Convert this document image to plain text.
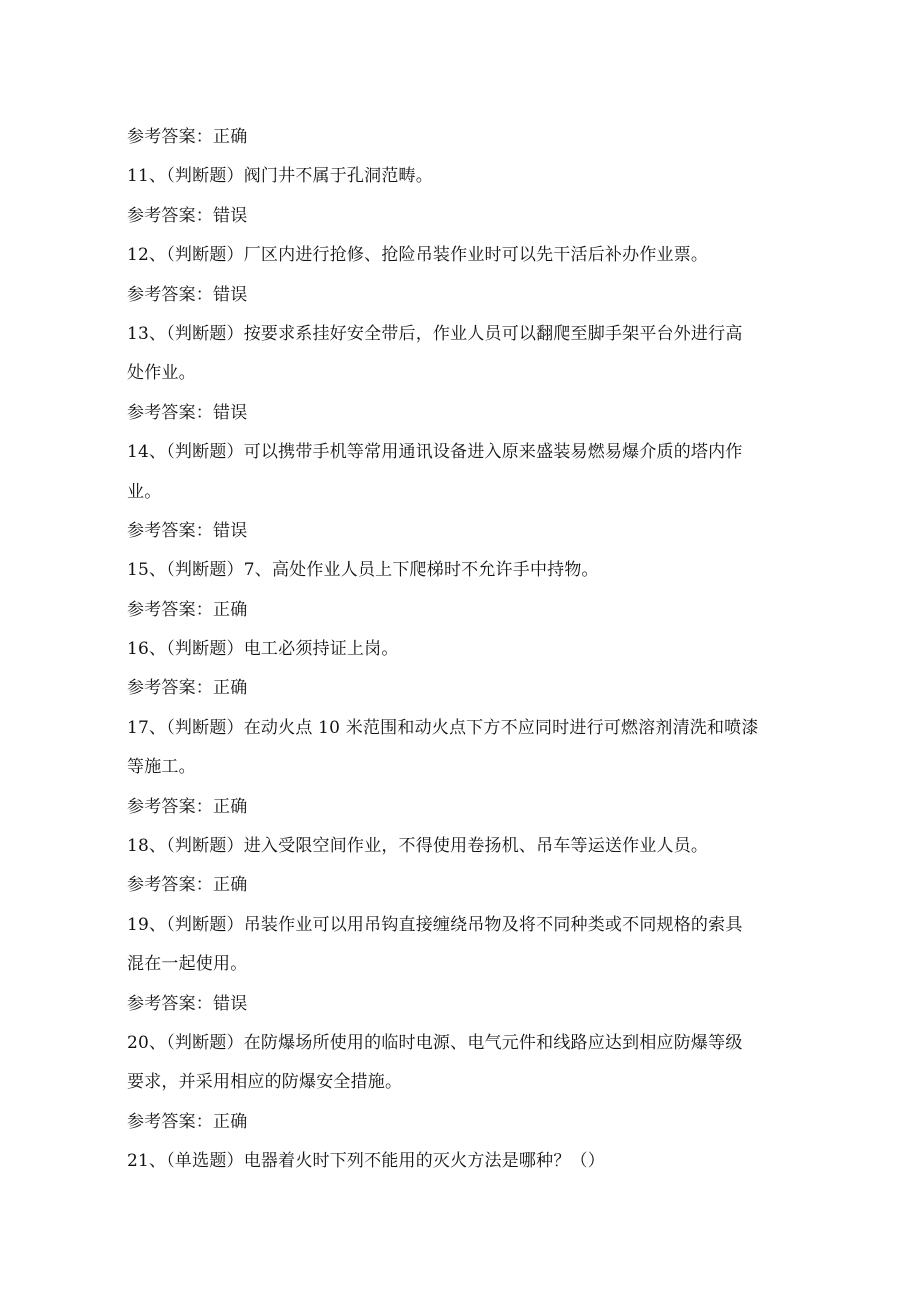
参考答案：正确
11、（判断题）阀门井不属于孔洞范畴。
参考答案：错误
12、（判断题）厂区内进行抢修、抢险吊装作业时可以先干活后补办作业票。
参考答案：错误
13、（判断题）按要求系挂好安全带后，作业人员可以翻爬至脚手架平台外进行高
处作业。
参考答案：错误
14、（判断题）可以携带手机等常用通讯设备进入原来盛装易燃易爆介质的塔内作
业。
参考答案：错误
15、（判断题）7、高处作业人员上下爬梯时不允许手中持物。
参考答案：正确
16、（判断题）电工必须持证上岗。
参考答案：正确
17、（判断题）在动火点 10 米范围和动火点下方不应同时进行可燃溶剂清洗和喷漆
等施工。
参考答案：正确
18、（判断题）进入受限空间作业，不得使用卷扬机、吊车等运送作业人员。
参考答案：正确
19、（判断题）吊装作业可以用吊钩直接缠绕吊物及将不同种类或不同规格的索具
混在一起使用。
参考答案：错误
20、（判断题）在防爆场所使用的临时电源、电气元件和线路应达到相应防爆等级
要求，并采用相应的防爆安全措施。
参考答案：正确
21、（单选题）电器着火时下列不能用的灭火方法是哪种？（）
